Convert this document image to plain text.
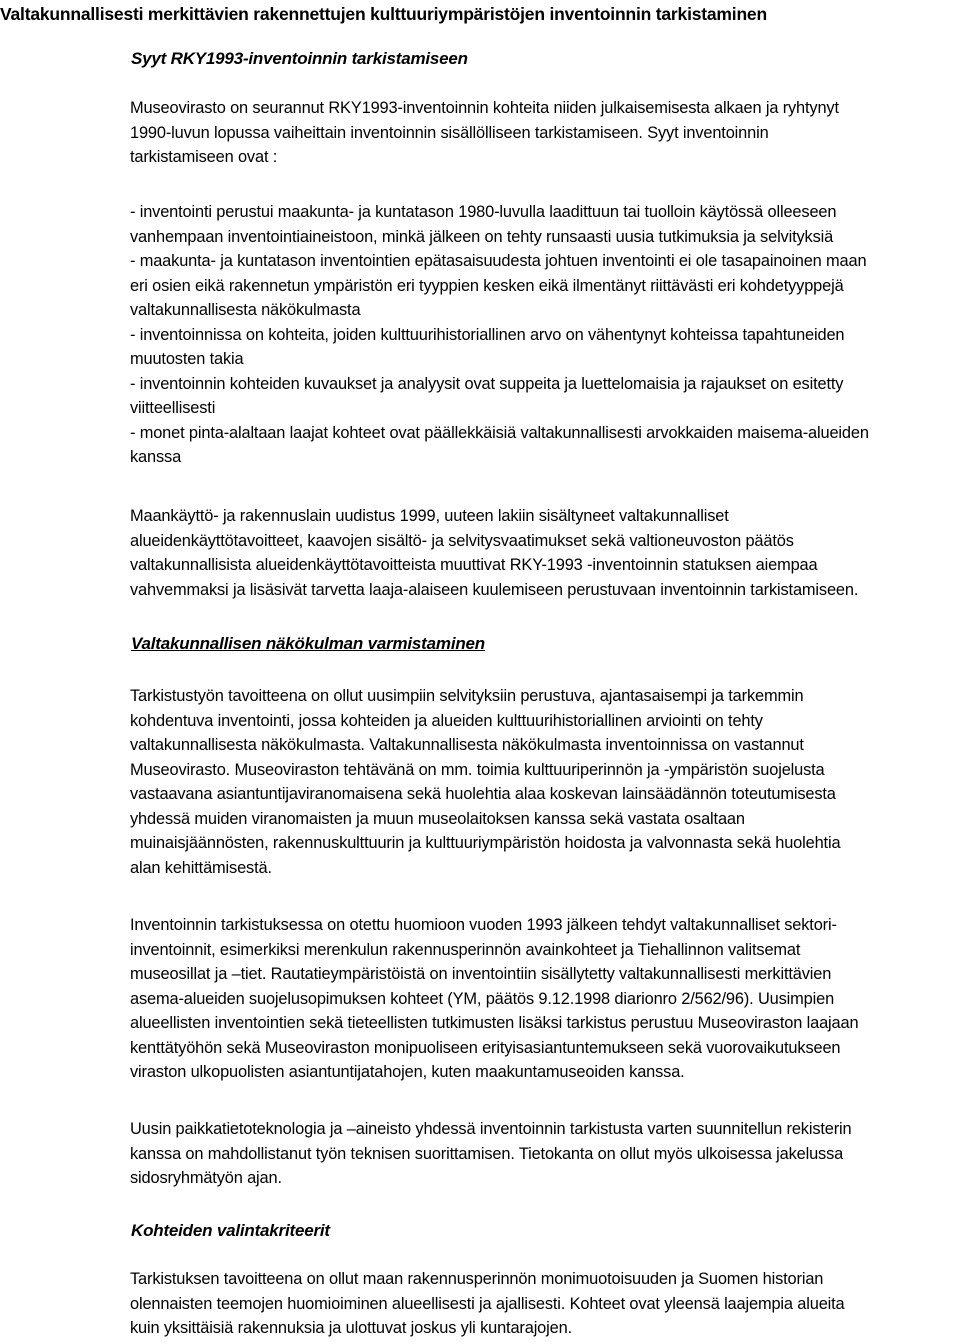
Valtakunnallisesti merkittävien rakennettujen kulttuuriympäristöjen inventoinnin tarkistaminen
Syyt RKY1993-inventoinnin tarkistamiseen
Museovirasto on seurannut RKY1993-inventoinnin kohteita niiden julkaisemisesta alkaen ja ryhtynyt
1990-luvun lopussa vaiheittain inventoinnin sisällölliseen tarkistamiseen. Syyt inventoinnin
tarkistamiseen ovat :
- inventointi perustui maakunta- ja kuntatason 1980-luvulla laadittuun tai tuolloin käytössä olleeseen
vanhempaan inventointiaineistoon, minkä jälkeen on tehty runsaasti uusia tutkimuksia ja selvityksiä
- maakunta- ja kuntatason inventointien epätasaisuudesta johtuen inventointi ei ole tasapainoinen maan
eri osien eikä rakennetun ympäristön eri tyyppien kesken eikä ilmentänyt riittävästi eri kohdetyyppejä
valtakunnallisesta näkökulmasta
- inventoinnissa on kohteita, joiden kulttuurihistoriallinen arvo on vähentynyt kohteissa tapahtuneiden
muutosten takia
- inventoinnin kohteiden kuvaukset ja analyysit ovat suppeita ja luettelomaisia ja rajaukset on esitetty
viitteellisesti
- monet pinta-alaltaan laajat kohteet ovat päällekkäisiä valtakunnallisesti arvokkaiden maisema-alueiden
kanssa
Maankäyttö- ja rakennuslain uudistus 1999, uuteen lakiin sisältyneet valtakunnalliset
alueidenkäyttötavoitteet, kaavojen sisältö- ja selvitysvaatimukset sekä valtioneuvoston päätös
valtakunnallisista alueidenkäyttötavoitteista muuttivat RKY-1993 -inventoinnin statuksen aiempaa
vahvemmaksi ja lisäsivät tarvetta laaja-alaiseen kuulemiseen perustuvaan inventoinnin tarkistamiseen.
Valtakunnallisen näkökulman varmistaminen
Tarkistustyön tavoitteena on ollut uusimpiin selvityksiin perustuva, ajantasaisempi ja tarkemmin
kohdentuva inventointi, jossa kohteiden ja alueiden kulttuurihistoriallinen arviointi on tehty
valtakunnallisesta näkökulmasta. Valtakunnallisesta näkökulmasta inventoinnissa on vastannut
Museovirasto. Museoviraston tehtävänä on mm. toimia kulttuuriperinnön ja -ympäristön suojelusta
vastaavana asiantuntijaviranomaisena sekä huolehtia alaa koskevan lainsäädännön toteutumisesta
yhdessä muiden viranomaisten ja muun museolaitoksen kanssa sekä vastata osaltaan
muinaisjäännösten, rakennuskulttuurin ja kulttuuriympäristön hoidosta ja valvonnasta sekä huolehtia
alan kehittämisestä.
Inventoinnin tarkistuksessa on otettu huomioon vuoden 1993 jälkeen tehdyt valtakunnalliset sektori-
inventoinnit, esimerkiksi merenkulun rakennusperinnön avainkohteet ja Tiehallinnon valitsemat
museosillat ja –tiet. Rautatieympäristöistä on inventointiin sisällytetty valtakunnallisesti merkittävien
asema-alueiden suojelusopimuksen kohteet (YM, päätös 9.12.1998 diarionro 2/562/96). Uusimpien
alueellisten inventointien sekä tieteellisten tutkimusten lisäksi tarkistus perustuu Museoviraston laajaan
kenttätyöhön sekä Museoviraston monipuoliseen erityisasiantuntemukseen sekä vuorovaikutukseen
viraston ulkopuolisten asiantuntijatahojen, kuten maakuntamuseoiden kanssa.
Uusin paikkatietoteknologia ja –aineisto yhdessä inventoinnin tarkistusta varten suunnitellun rekisterin
kanssa on mahdollistanut työn teknisen suorittamisen. Tietokanta on ollut myös ulkoisessa jakelussa
sidosryhmätyön ajan.
Kohteiden valintakriteerit
Tarkistuksen tavoitteena on ollut maan rakennusperinnön monimuotoisuuden ja Suomen historian
olennaisten teemojen huomioiminen alueellisesti ja ajallisesti. Kohteet ovat yleensä laajempia alueita
kuin yksittäisiä rakennuksia ja ulottuvat joskus yli kuntarajojen.
